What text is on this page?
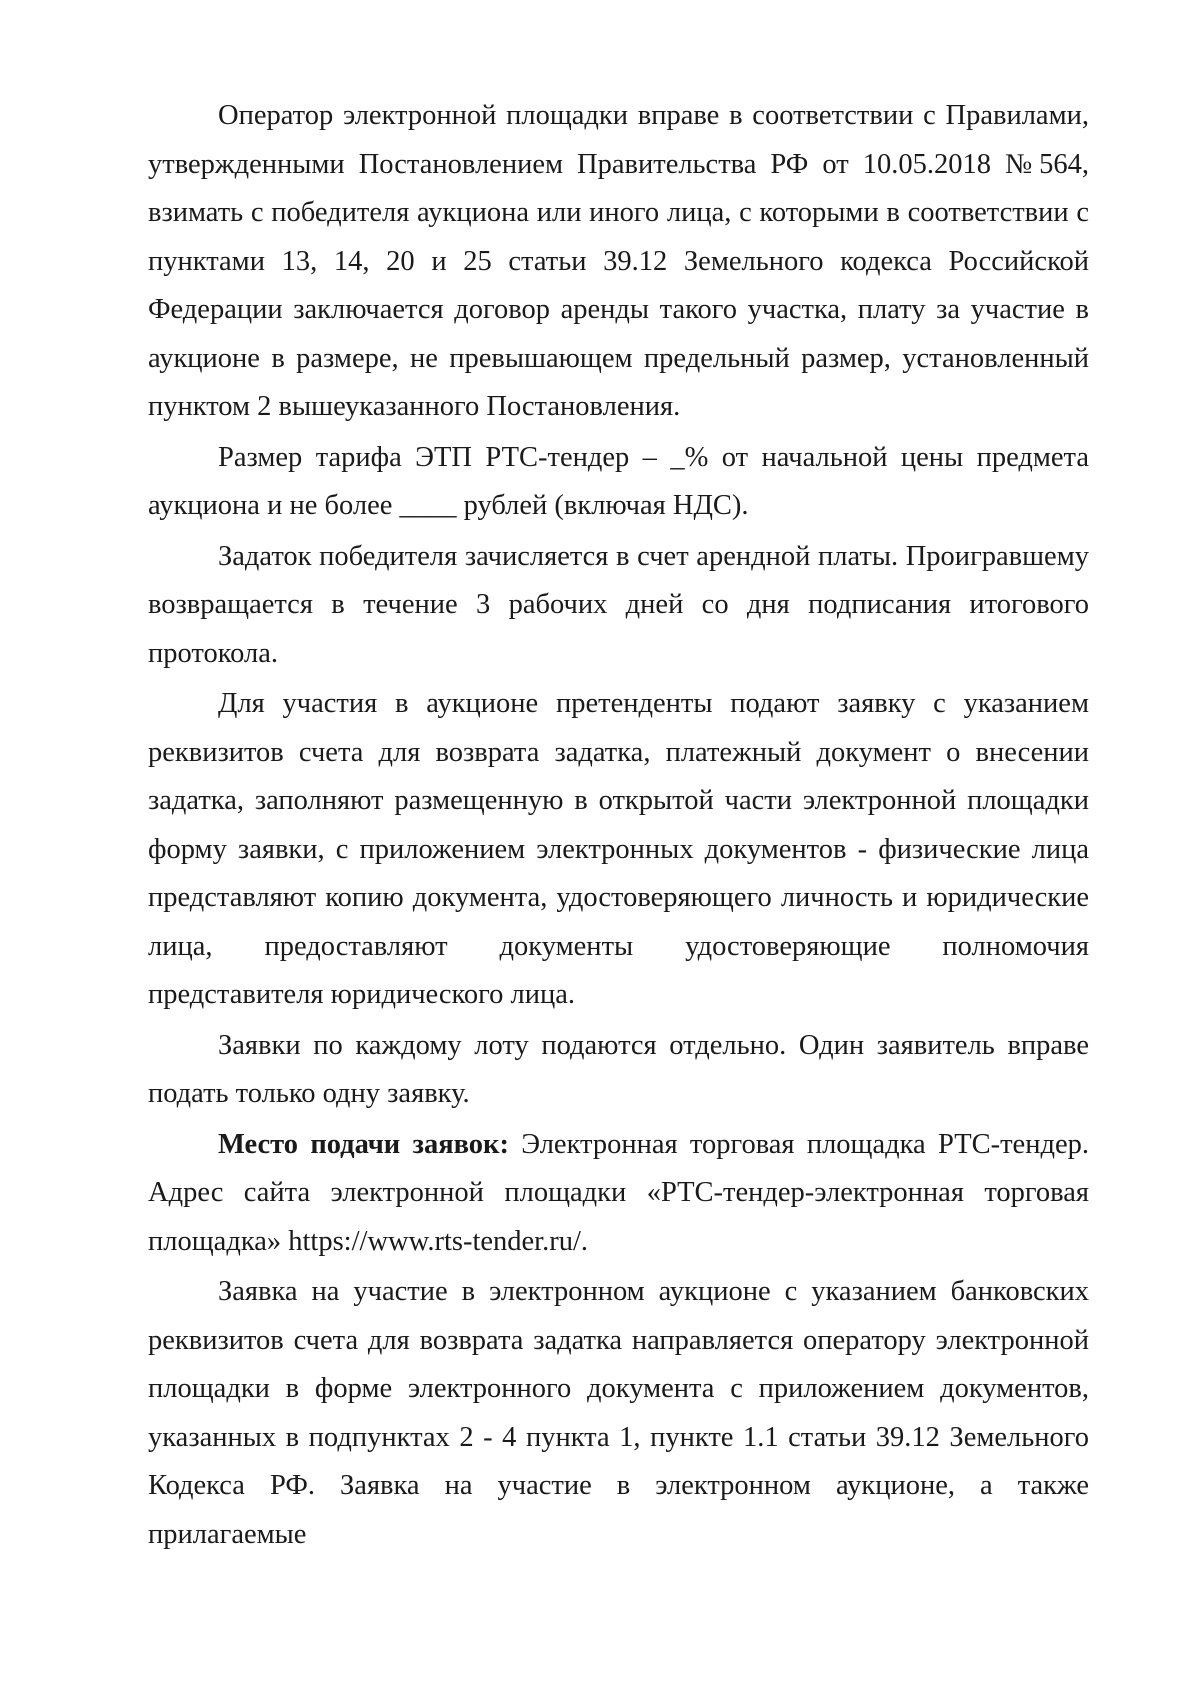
Оператор электронной площадки вправе в соответствии с Правилами, утвержденными Постановлением Правительства РФ от 10.05.2018 №564, взимать с победителя аукциона или иного лица, с которыми в соответствии с пунктами 13, 14, 20 и 25 статьи 39.12 Земельного кодекса Российской Федерации заключается договор аренды такого участка, плату за участие в аукционе в размере, не превышающем предельный размер, установленный пунктом 2 вышеуказанного Постановления.

Размер тарифа ЭТП РТС-тендер – _% от начальной цены предмета аукциона и не более ____ рублей (включая НДС).

Задаток победителя зачисляется в счет арендной платы. Проигравшему возвращается в течение 3 рабочих дней со дня подписания итогового протокола.

Для участия в аукционе претенденты подают заявку с указанием реквизитов счета для возврата задатка, платежный документ о внесении задатка, заполняют размещенную в открытой части электронной площадки форму заявки, с приложением электронных документов - физические лица представляют копию документа, удостоверяющего личность и юридические лица, предоставляют документы удостоверяющие полномочия представителя юридического лица.

Заявки по каждому лоту подаются отдельно. Один заявитель вправе подать только одну заявку.

Место подачи заявок: Электронная торговая площадка РТС-тендер. Адрес сайта электронной площадки «РТС-тендер-электронная торговая площадка» https://www.rts-tender.ru/.

Заявка на участие в электронном аукционе с указанием банковских реквизитов счета для возврата задатка направляется оператору электронной площадки в форме электронного документа с приложением документов, указанных в подпунктах 2 - 4 пункта 1, пункте 1.1 статьи 39.12 Земельного Кодекса РФ. Заявка на участие в электронном аукционе, а также прилагаемые
